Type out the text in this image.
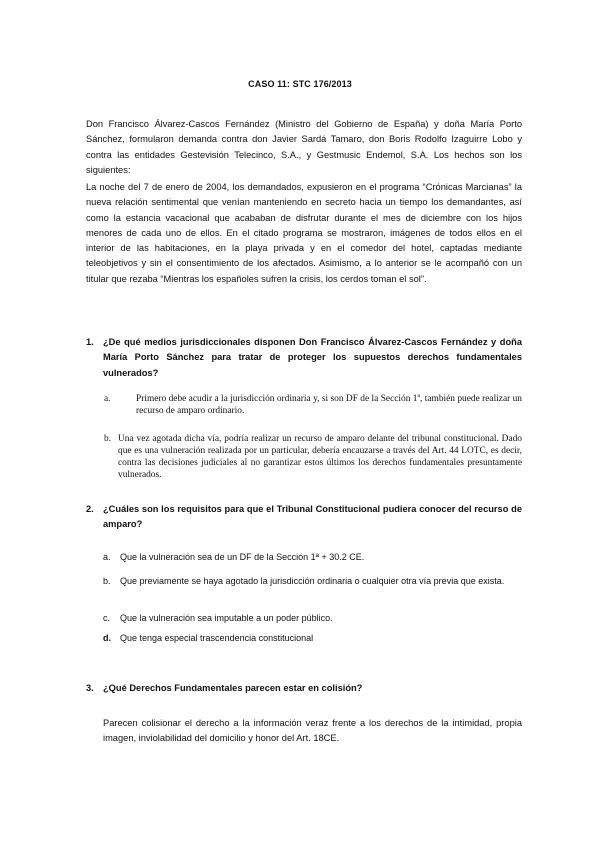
CASO 11: STC 176/2013

Don Francisco Álvarez-Cascos Fernández (Ministro del Gobierno de España) y doña María Porto Sánchez, formularon demanda contra don Javier Sardá Tamaro, don Boris Rodolfo Izaguirre Lobo y contra las entidades Gestevisión Telecinco, S.A., y Gestmusic Endemol, S.A. Los hechos son los siguientes:

La noche del 7 de enero de 2004, los demandados, expusieron en el programa “Crónicas Marcianas” la nueva relación sentimental que venían manteniendo en secreto hacia un tiempo los demandantes, así como la estancia vacacional que acababan de disfrutar durante el mes de diciembre con los hijos menores de cada uno de ellos. En el citado programa se mostraron, imágenes de todos ellos en el interior de las habitaciones, en la playa privada y en el comedor del hotel, captadas mediante teleobjetivos y sin el consentimiento de los afectados. Asimismo, a lo anterior se le acompañó con un titular que rezaba “Mientras los españoles sufren la crisis, los cerdos toman el sol”.

1. ¿De qué medios jurisdiccionales disponen Don Francisco Álvarez-Cascos Fernández y doña María Porto Sánchez para tratar de proteger los supuestos derechos fundamentales vulnerados?
a.	Primero debe acudir a la jurisdicción ordinaria y, si son DF de la Sección 1ª, también puede realizar un recurso de amparo ordinario.
b. Una vez agotada dicha vía, podría realizar un recurso de amparo delante del tribunal constitucional. Dado que es una vulneración realizada por un particular, debería encauzarse a través del Art. 44 LOTC, es decir, contra las decisiones judiciales al no garantizar estos últimos los derechos fundamentales presuntamente vulnerados.
2. ¿Cuáles son los requisitos para que el Tribunal Constitucional pudiera conocer del recurso de amparo?
a. Que la vulneración sea de un DF de la Sección 1ª + 30.2 CE.
b. Que previamente se haya agotado la jurisdicción ordinaria o cualquier otra vía previa que exista.
c. Que la vulneración sea imputable a un poder público.
d. Que tenga especial trascendencia constitucional
3. ¿Qué Derechos Fundamentales parecen estar en colisión?

Parecen colisionar el derecho a la información veraz frente a los derechos de la intimidad, propia imagen, inviolabilidad del domicilio y honor del Art. 18CE.
